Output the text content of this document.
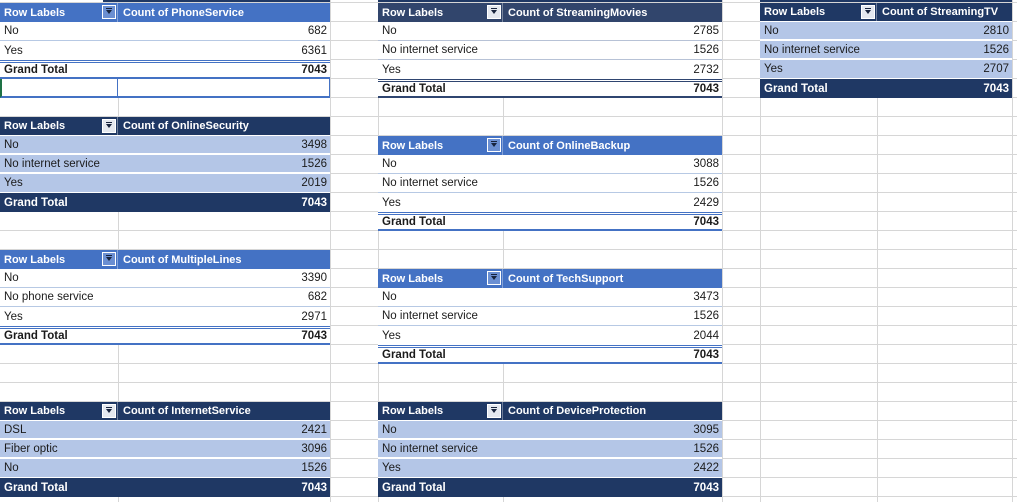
Row Labels	Count of PhoneService
No	682
Yes	6361
Grand Total	7043
Row Labels	Count of StreamingMovies
No	2785
No internet service	1526
Yes	2732
Grand Total	7043
Row Labels	Count of StreamingTV
No	2810
No internet service	1526
Yes	2707
Grand Total	7043
Row Labels	Count of OnlineSecurity
No	3498
No internet service	1526
Yes	2019
Grand Total	7043
Row Labels	Count of OnlineBackup
No	3088
No internet service	1526
Yes	2429
Grand Total	7043
Row Labels	Count of MultipleLines
No	3390
No phone service	682
Yes	2971
Grand Total	7043
Row Labels	Count of TechSupport
No	3473
No internet service	1526
Yes	2044
Grand Total	7043
Row Labels	Count of InternetService
DSL	2421
Fiber optic	3096
No	1526
Grand Total	7043
Row Labels	Count of DeviceProtection
No	3095
No internet service	1526
Yes	2422
Grand Total	7043
